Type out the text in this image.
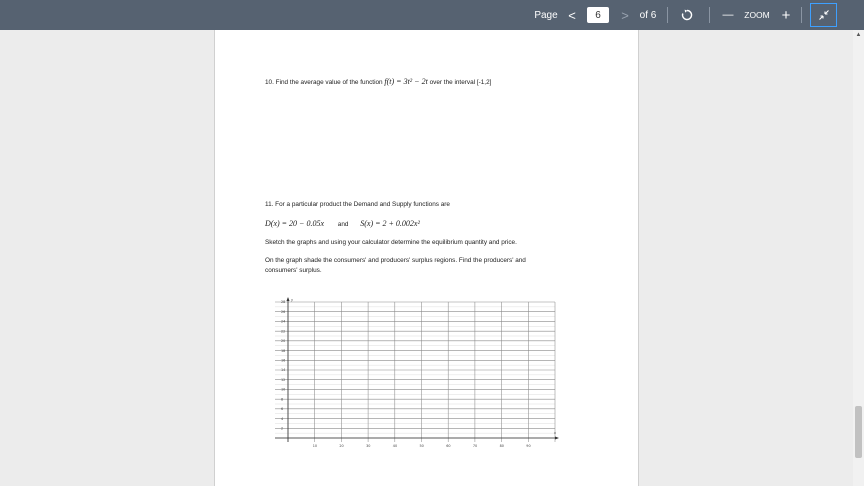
Page <	6	>	of 6	—	ZOOM +
10. Find the average value of the function f(t) = 3t² − 2t over the interval [-1,2]
11. For a particular product the Demand and Supply functions are
D(x) = 20 − 0.05x and S(x) = 2 + 0.002x²
Sketch the graphs and using your calculator determine the equilibrium quantity and price.
On the graph shade the consumers' and producers' surplus regions. Find the producers' and
consumers' surplus.
y
x
28
26
24
22
20
18
16
14
12
10
8
6
4
2
10	20	30	40	50	60	70	80	90
▲
